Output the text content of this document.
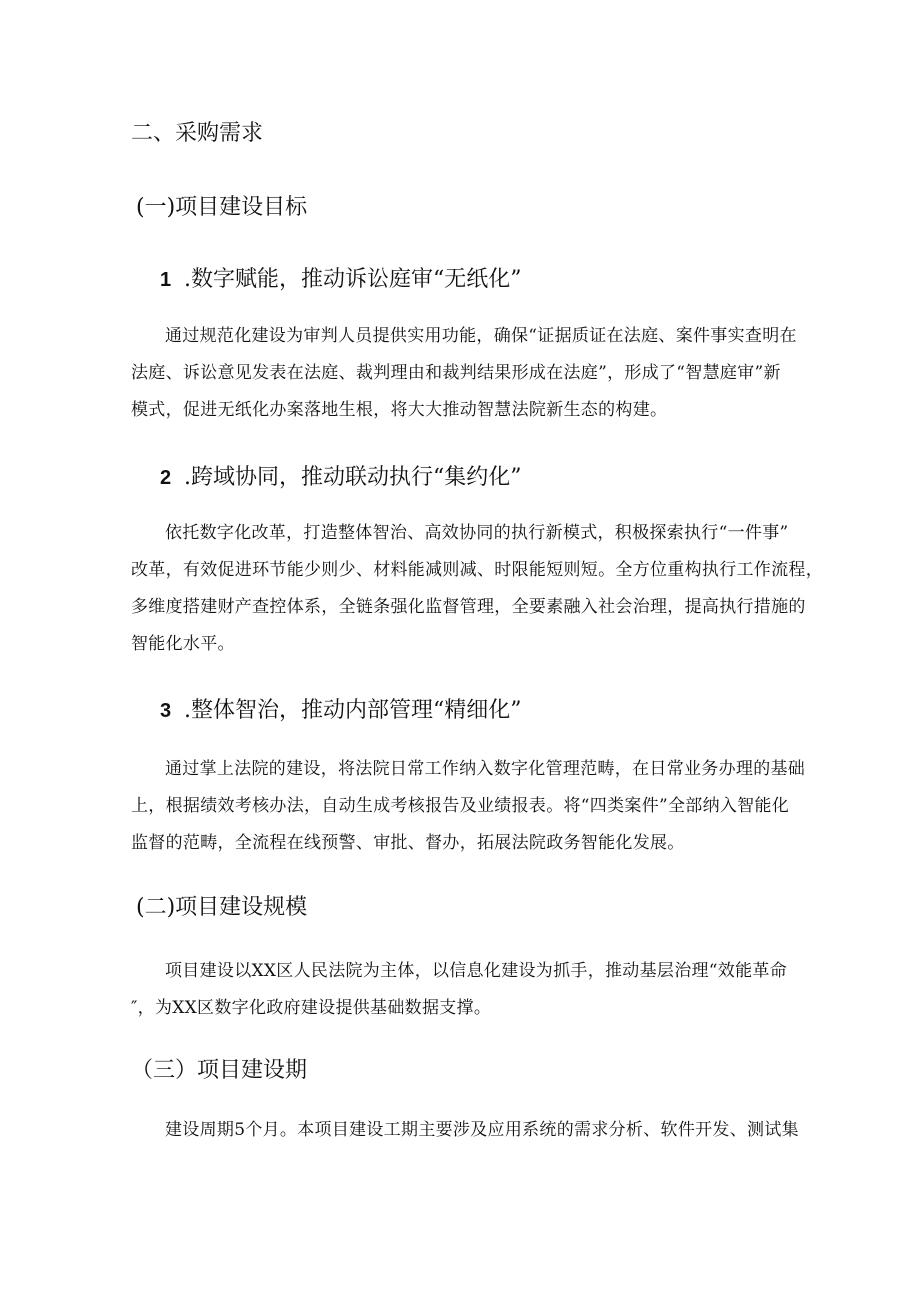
二、采购需求
(一)项目建设目标
1 .数字赋能，推动诉讼庭审“无纸化”
通过规范化建设为审判人员提供实用功能，确保“证据质证在法庭、案件事实查明在
法庭、诉讼意见发表在法庭、裁判理由和裁判结果形成在法庭”，形成了“智慧庭审”新
模式，促进无纸化办案落地生根，将大大推动智慧法院新生态的构建。
2 .跨域协同，推动联动执行“集约化”
依托数字化改革，打造整体智治、高效协同的执行新模式，积极探索执行“一件事”
改革，有效促进环节能少则少、材料能减则减、时限能短则短。全方位重构执行工作流程，
多维度搭建财产查控体系，全链条强化监督管理，全要素融入社会治理，提高执行措施的
智能化水平。
3 .整体智治，推动内部管理“精细化”
通过掌上法院的建设，将法院日常工作纳入数字化管理范畴，在日常业务办理的基础
上，根据绩效考核办法，自动生成考核报告及业绩报表。将“四类案件”全部纳入智能化
监督的范畴，全流程在线预警、审批、督办，拓展法院政务智能化发展。
(二)项目建设规模
项目建设以XX区人民法院为主体，以信息化建设为抓手，推动基层治理“效能革命
″，为XX区数字化政府建设提供基础数据支撑。
（三）项目建设期
建设周期5个月。本项目建设工期主要涉及应用系统的需求分析、软件开发、测试集
